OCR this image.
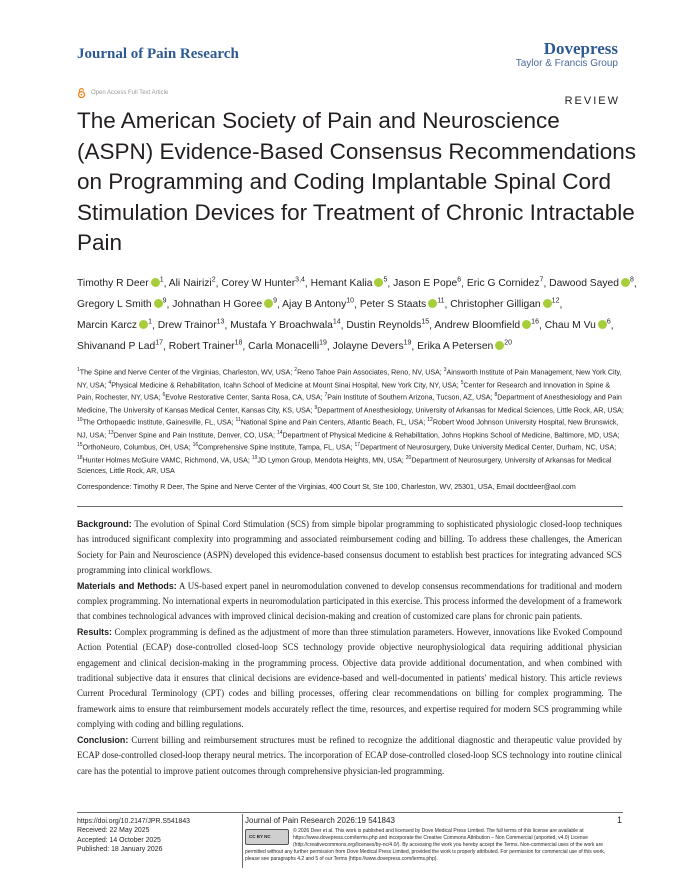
Journal of Pain Research	Dovepress
Taylor & Francis Group
Open Access Full Text Article
REVIEW
The American Society of Pain and Neuroscience (ASPN) Evidence-Based Consensus Recommendations on Programming and Coding Implantable Spinal Cord Stimulation Devices for Treatment of Chronic Intractable Pain
Timothy R Deer $^1$, Ali Nairizi$^2$, Corey W Hunter$^{3,4}$, Hemant Kalia $^5$, Jason E Pope$^6$, Eric G Cornidez$^7$, Dawood Sayed $^8$, Gregory L Smith $^9$, Johnathan H Goree $^9$, Ajay B Antony$^{10}$, Peter S Staats $^{11}$, Christopher Gilligan $^{12}$, Marcin Karcz $^1$, Drew Trainor$^{13}$, Mustafa Y Broachwala$^{14}$, Dustin Reynolds$^{15}$, Andrew Bloomfield $^{16}$, Chau M Vu $^6$, Shivanand P Lad$^{17}$, Robert Trainer$^{18}$, Carla Monacelli$^{19}$, Jolayne Devers$^{19}$, Erika A Petersen $^{20}$
$^1$The Spine and Nerve Center of the Virginias, Charleston, WV, USA; $^2$Reno Tahoe Pain Associates, Reno, NV, USA; $^3$Ainsworth Institute of Pain Management, New York City, NY, USA; $^4$Physical Medicine & Rehabilitation, Icahn School of Medicine at Mount Sinai Hospital, New York City, NY, USA; $^5$Center for Research and Innovation in Spine & Pain, Rochester, NY, USA; $^6$Evolve Restorative Center, Santa Rosa, CA, USA; $^7$Pain Institute of Southern Arizona, Tucson, AZ, USA; $^8$Department of Anesthesiology and Pain Medicine, The University of Kansas Medical Center, Kansas City, KS, USA; $^9$Department of Anesthesiology, University of Arkansas for Medical Sciences, Little Rock, AR, USA; $^{10}$The Orthopaedic Institute, Gainesville, FL, USA; $^{11}$National Spine and Pain Centers, Atlantic Beach, FL, USA; $^{12}$Robert Wood Johnson University Hospital, New Brunswick, NJ, USA; $^{13}$Denver Spine and Pain Institute, Denver, CO, USA; $^{14}$Department of Physical Medicine & Rehabilitation, Johns Hopkins School of Medicine, Baltimore, MD, USA; $^{15}$OrthoNeuro, Columbus, OH, USA; $^{16}$Comprehensive Spine Institute, Tampa, FL, USA; $^{17}$Department of Neurosurgery, Duke University Medical Center, Durham, NC, USA; $^{18}$Hunter Holmes McGuire VAMC, Richmond, VA, USA; $^{19}$JD Lymon Group, Mendota Heights, MN, USA; $^{20}$Department of Neurosurgery, University of Arkansas for Medical Sciences, Little Rock, AR, USA
Correspondence: Timothy R Deer, The Spine and Nerve Center of the Virginias, 400 Court St, Ste 100, Charleston, WV, 25301, USA, Email doctdeer@aol.com

Background: The evolution of Spinal Cord Stimulation (SCS) from simple bipolar programming to sophisticated physiologic closed-loop techniques has introduced significant complexity into programming and associated reimbursement coding and billing. To address these challenges, the American Society for Pain and Neuroscience (ASPN) developed this evidence-based consensus document to establish best practices for integrating advanced SCS programming into clinical workflows.

Materials and Methods: A US-based expert panel in neuromodulation convened to develop consensus recommendations for traditional and modern complex programming. No international experts in neuromodulation participated in this exercise. This process informed the development of a framework that combines technological advances with improved clinical decision-making and creation of customized care plans for chronic pain patients.

Results: Complex programming is defined as the adjustment of more than three stimulation parameters. However, innovations like Evoked Compound Action Potential (ECAP) dose-controlled closed-loop SCS technology provide objective neurophysiological data requiring additional physician engagement and clinical decision-making in the programming process. Objective data provide additional documentation, and when combined with traditional subjective data it ensures that clinical decisions are evidence-based and well-documented in patients' medical history. This article reviews Current Procedural Terminology (CPT) codes and billing processes, offering clear recommendations on billing for complex programming. The framework aims to ensure that reimbursement models accurately reflect the time, resources, and expertise required for modern SCS programming while complying with coding and billing regulations.

Conclusion: Current billing and reimbursement structures must be refined to recognize the additional diagnostic and therapeutic value provided by ECAP dose-controlled closed-loop therapy neural metrics. The incorporation of ECAP dose-controlled closed-loop SCS technology into routine clinical care has the potential to improve patient outcomes through comprehensive physician-led programming.

https://doi.org/10.2147/JPR.S541843
Received: 22 May 2025
Accepted: 14 October 2025
Published: 18 January 2026
Journal of Pain Research 2026:19 541843	1
CC BY NC
© 2026 Deer et al. This work is published and licensed by Dove Medical Press Limited. The full terms of this license are available at https://www.dovepress.com/terms.php and incorporate the Creative Commons Attribution – Non Commercial (unported, v4.0) License (http://creativecommons.org/licenses/by-nc/4.0/). By accessing the work you hereby accept the Terms. Non-commercial uses of the work are permitted without any further permission from Dove Medical Press Limited, provided the work is properly attributed. For permission for commercial use of this work, please see paragraphs 4.2 and 5 of our Terms (https://www.dovepress.com/terms.php).
